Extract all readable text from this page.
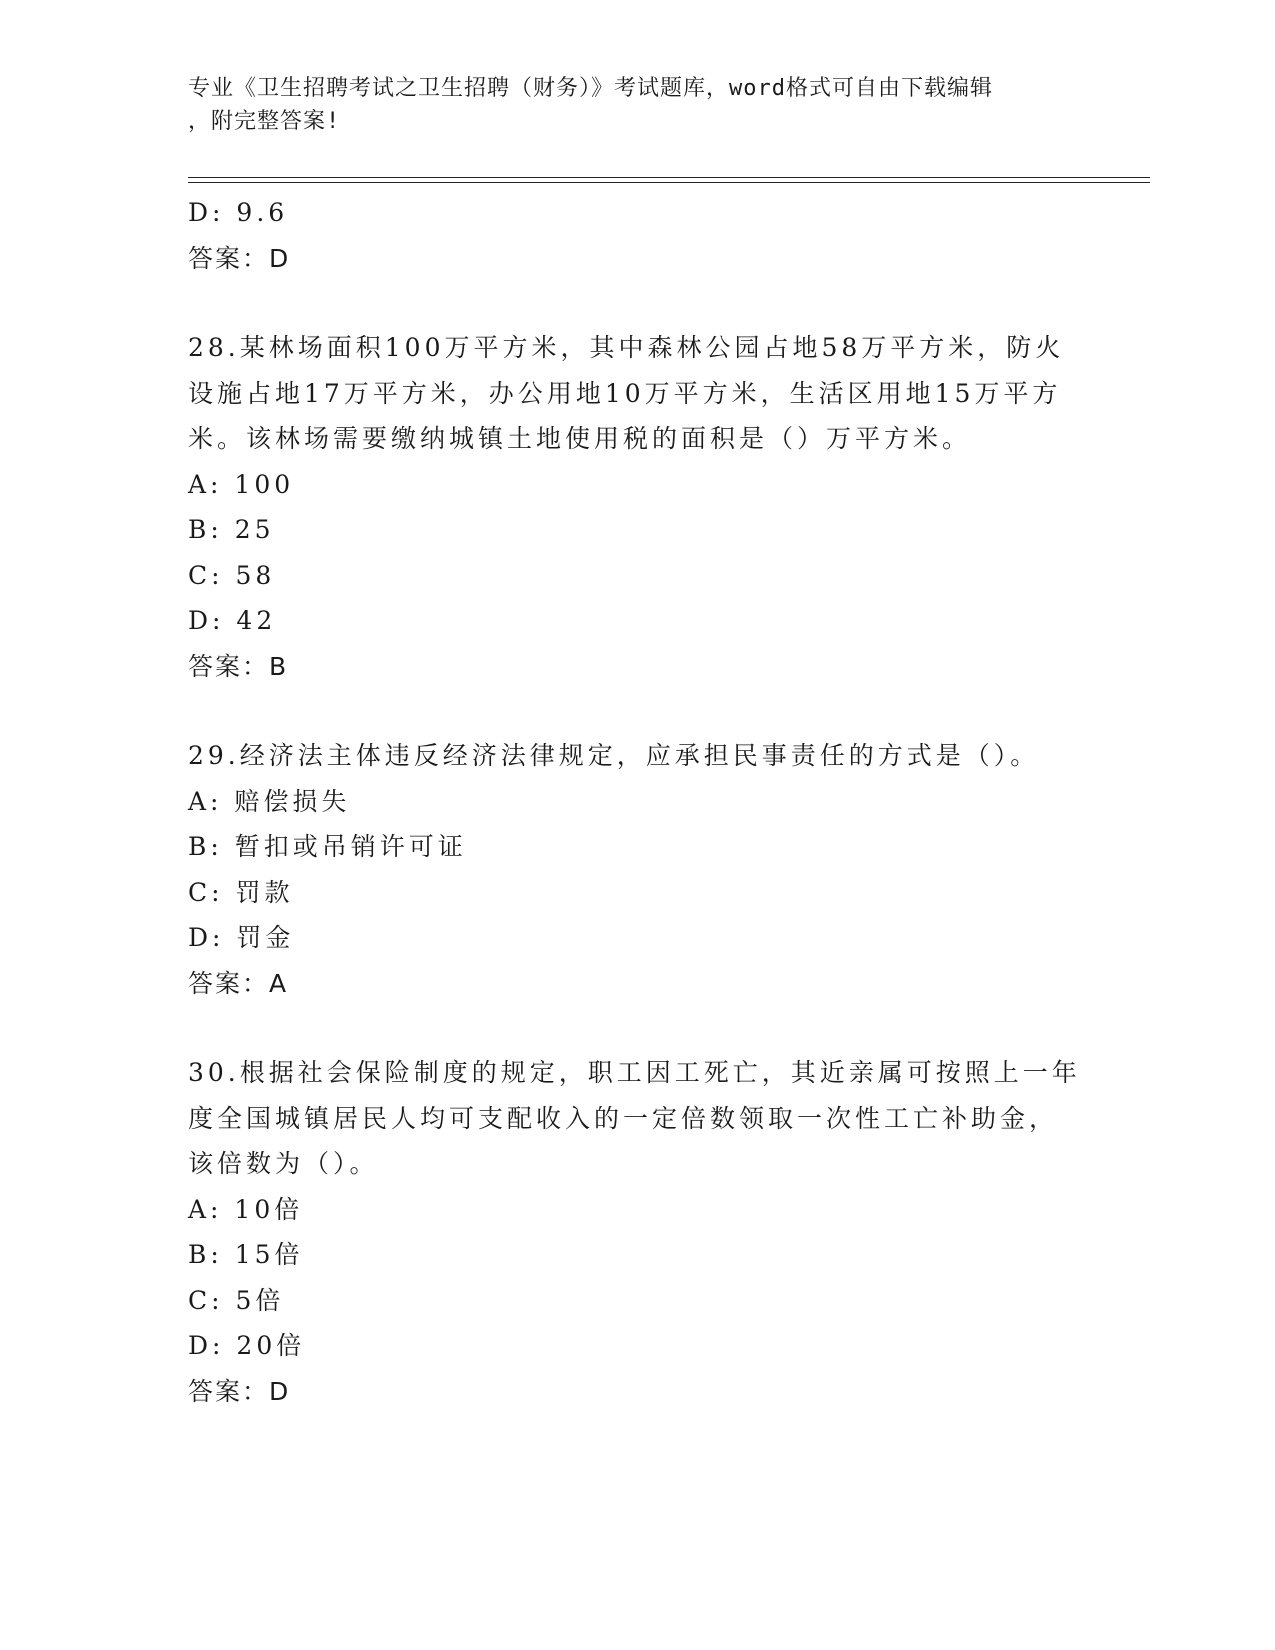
专业《卫生招聘考试之卫生招聘（财务）》考试题库，word格式可自由下载编辑
，附完整答案!
D: 9.6
答案：D
28.某林场面积100万平方米，其中森林公园占地58万平方米，防火
设施占地17万平方米，办公用地10万平方米，生活区用地15万平方
米。该林场需要缴纳城镇土地使用税的面积是（）万平方米。
A: 100
B: 25
C: 58
D: 42
答案：B
29.经济法主体违反经济法律规定，应承担民事责任的方式是（）。
A: 赔偿损失
B: 暂扣或吊销许可证
C: 罚款
D: 罚金
答案：A
30.根据社会保险制度的规定，职工因工死亡，其近亲属可按照上一年
度全国城镇居民人均可支配收入的一定倍数领取一次性工亡补助金，
该倍数为（）。
A: 10倍
B: 15倍
C: 5倍
D: 20倍
答案：D
